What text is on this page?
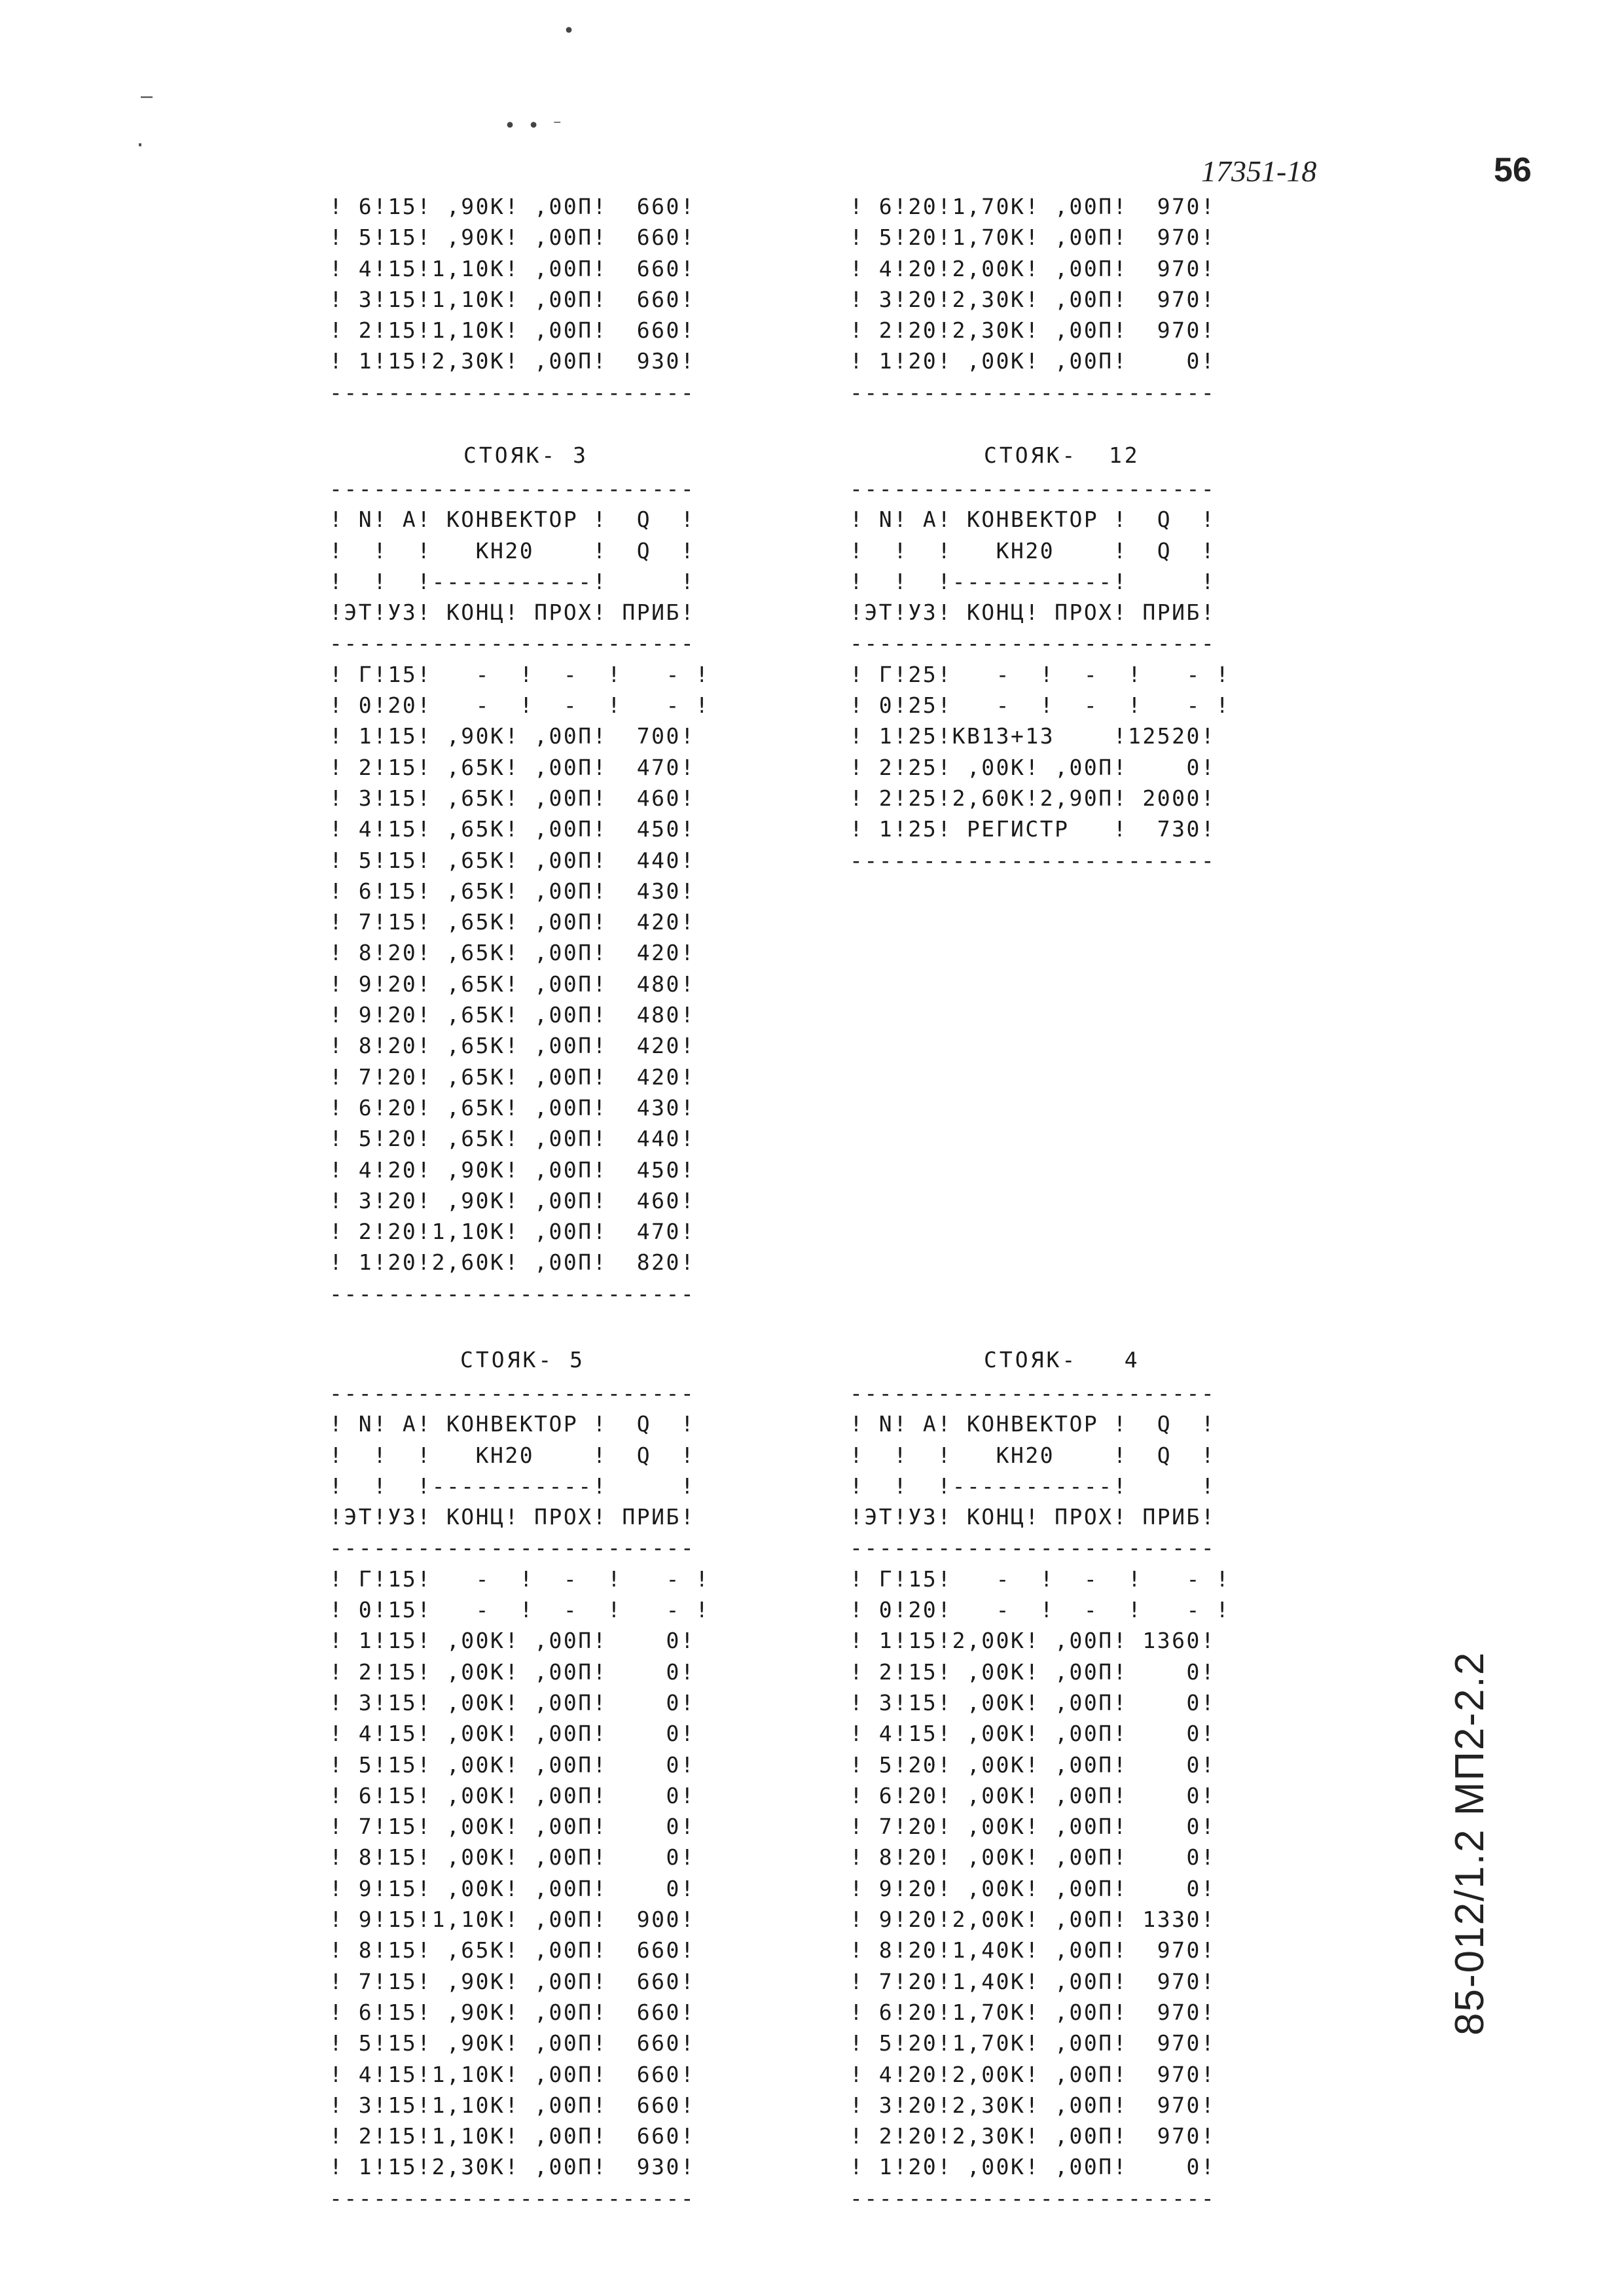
•
• • ⁻
–
·
17351-18	56
85-012/1.2 МП2-2.2
! 6!15! ,90К! ,00П!  660!
! 5!15! ,90К! ,00П!  660!
! 4!15!1,10К! ,00П!  660!
! 3!15!1,10К! ,00П!  660!
! 2!15!1,10К! ,00П!  660!
! 1!15!2,30К! ,00П!  930!
-------------------------
! 6!20!1,70К! ,00П!  970!
! 5!20!1,70К! ,00П!  970!
! 4!20!2,00К! ,00П!  970!
! 3!20!2,30К! ,00П!  970!
! 2!20!2,30К! ,00П!  970!
! 1!20! ,00К! ,00П!    0!
-------------------------
СТОЯК- 3
-------------------------
! N! А! КОНВЕКТОР !  Q  !
!  !  !   КН20    !  Q  !
!  !  !-----------!     !
!ЭТ!УЗ! КОНЦ! ПРОХ! ПРИБ!
-------------------------
! Г!15!   -  !  -  !   - !
! 0!20!   -  !  -  !   - !
! 1!15! ,90К! ,00П!  700!
! 2!15! ,65К! ,00П!  470!
! 3!15! ,65К! ,00П!  460!
! 4!15! ,65К! ,00П!  450!
! 5!15! ,65К! ,00П!  440!
! 6!15! ,65К! ,00П!  430!
! 7!15! ,65К! ,00П!  420!
! 8!20! ,65К! ,00П!  420!
! 9!20! ,65К! ,00П!  480!
! 9!20! ,65К! ,00П!  480!
! 8!20! ,65К! ,00П!  420!
! 7!20! ,65К! ,00П!  420!
! 6!20! ,65К! ,00П!  430!
! 5!20! ,65К! ,00П!  440!
! 4!20! ,90К! ,00П!  450!
! 3!20! ,90К! ,00П!  460!
! 2!20!1,10К! ,00П!  470!
! 1!20!2,60К! ,00П!  820!
-------------------------
СТОЯК-  12
-------------------------
! N! А! КОНВЕКТОР !  Q  !
!  !  !   КН20    !  Q  !
!  !  !-----------!     !
!ЭТ!УЗ! КОНЦ! ПРОХ! ПРИБ!
-------------------------
! Г!25!   -  !  -  !   - !
! 0!25!   -  !  -  !   - !
! 1!25!КВ13+13    !12520!
! 2!25! ,00К! ,00П!    0!
! 2!25!2,60К!2,90П! 2000!
! 1!25! РЕГИСТР   !  730!
-------------------------
СТОЯК- 5
-------------------------
! N! А! КОНВЕКТОР !  Q  !
!  !  !   КН20    !  Q  !
!  !  !-----------!     !
!ЭТ!УЗ! КОНЦ! ПРОХ! ПРИБ!
-------------------------
! Г!15!   -  !  -  !   - !
! 0!15!   -  !  -  !   - !
! 1!15! ,00К! ,00П!    0!
! 2!15! ,00К! ,00П!    0!
! 3!15! ,00К! ,00П!    0!
! 4!15! ,00К! ,00П!    0!
! 5!15! ,00К! ,00П!    0!
! 6!15! ,00К! ,00П!    0!
! 7!15! ,00К! ,00П!    0!
! 8!15! ,00К! ,00П!    0!
! 9!15! ,00К! ,00П!    0!
! 9!15!1,10К! ,00П!  900!
! 8!15! ,65К! ,00П!  660!
! 7!15! ,90К! ,00П!  660!
! 6!15! ,90К! ,00П!  660!
! 5!15! ,90К! ,00П!  660!
! 4!15!1,10К! ,00П!  660!
! 3!15!1,10К! ,00П!  660!
! 2!15!1,10К! ,00П!  660!
! 1!15!2,30К! ,00П!  930!
-------------------------
СТОЯК-   4
-------------------------
! N! А! КОНВЕКТОР !  Q  !
!  !  !   КН20    !  Q  !
!  !  !-----------!     !
!ЭТ!УЗ! КОНЦ! ПРОХ! ПРИБ!
-------------------------
! Г!15!   -  !  -  !   - !
! 0!20!   -  !  -  !   - !
! 1!15!2,00К! ,00П! 1360!
! 2!15! ,00К! ,00П!    0!
! 3!15! ,00К! ,00П!    0!
! 4!15! ,00К! ,00П!    0!
! 5!20! ,00К! ,00П!    0!
! 6!20! ,00К! ,00П!    0!
! 7!20! ,00К! ,00П!    0!
! 8!20! ,00К! ,00П!    0!
! 9!20! ,00К! ,00П!    0!
! 9!20!2,00К! ,00П! 1330!
! 8!20!1,40К! ,00П!  970!
! 7!20!1,40К! ,00П!  970!
! 6!20!1,70К! ,00П!  970!
! 5!20!1,70К! ,00П!  970!
! 4!20!2,00К! ,00П!  970!
! 3!20!2,30К! ,00П!  970!
! 2!20!2,30К! ,00П!  970!
! 1!20! ,00К! ,00П!    0!
-------------------------
